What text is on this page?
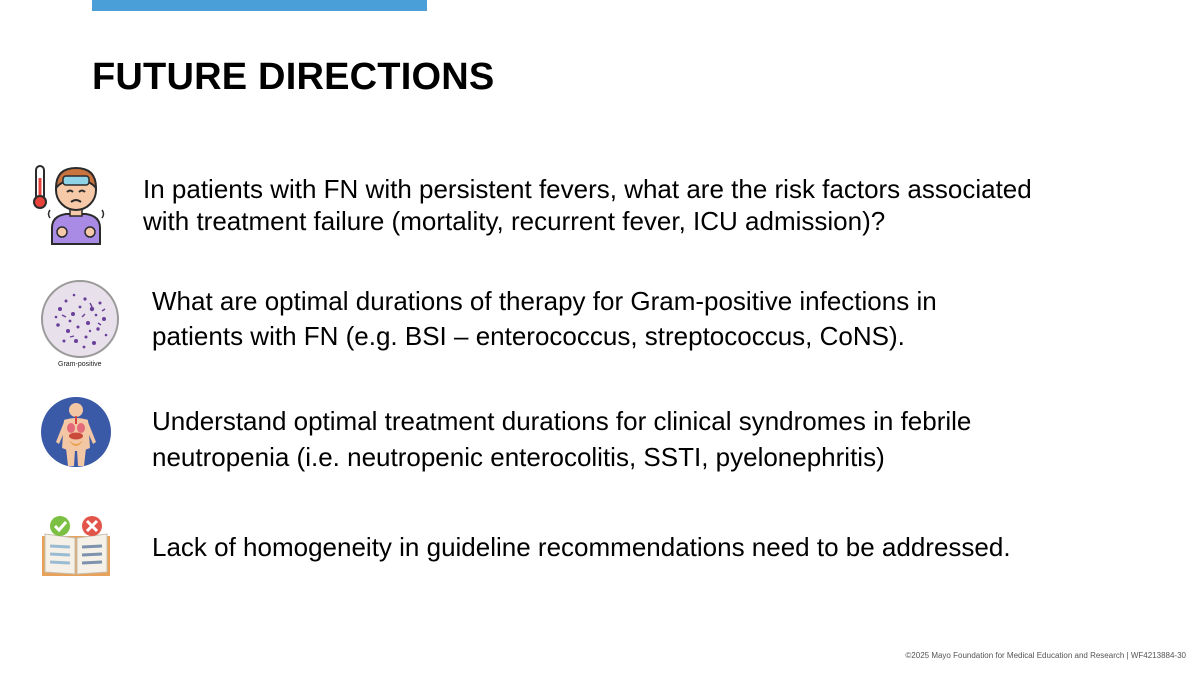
FUTURE DIRECTIONS

In patients with FN with persistent fevers, what are the risk factors associated

with treatment failure (mortality, recurrent fever, ICU admission)?

Gram-positive

What are optimal durations of therapy for Gram-positive infections in

patients with FN (e.g. BSI – enterococcus, streptococcus, CoNS).

Understand optimal treatment durations for clinical syndromes in febrile

neutropenia (i.e. neutropenic enterocolitis, SSTI, pyelonephritis)

Lack of homogeneity in guideline recommendations need to be addressed.

©2025 Mayo Foundation for Medical Education and Research | WF4213884-30
